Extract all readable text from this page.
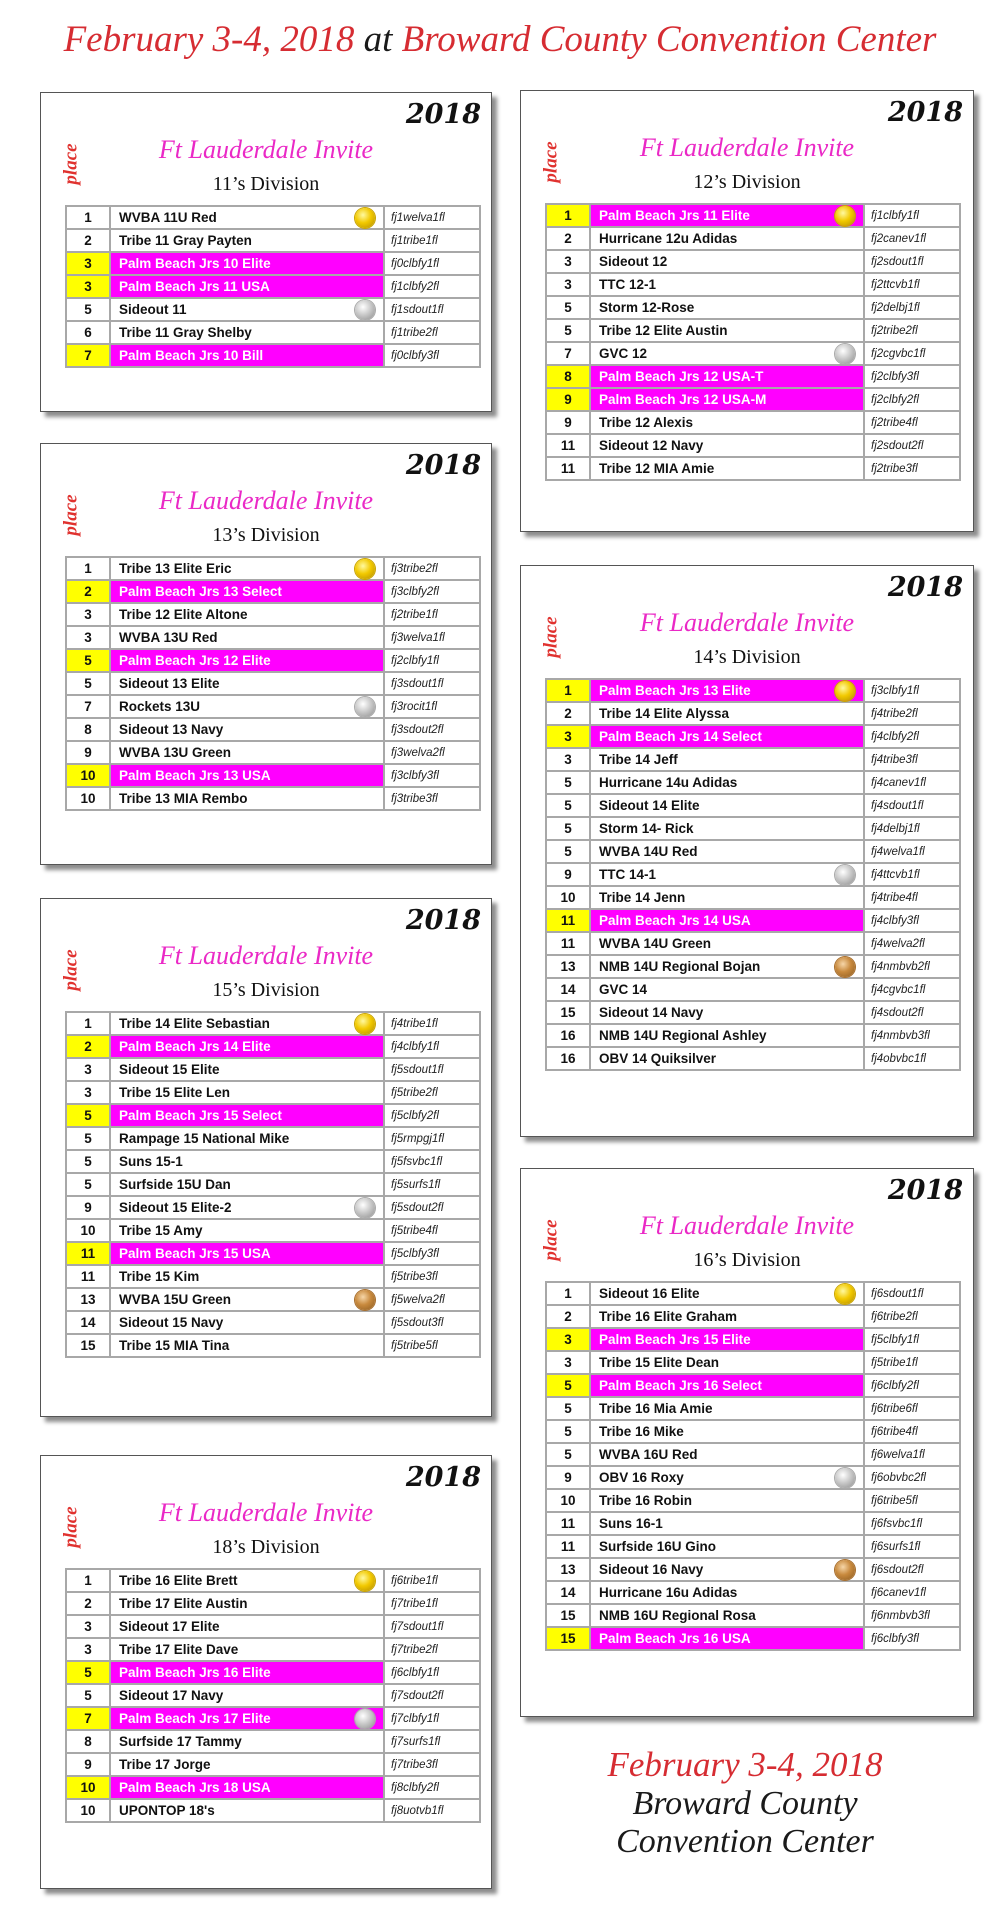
February 3-4, 2018 at Broward County Convention Center
2018
place	Ft Lauderdale Invite
11’s Division
1	WVBA 11U Red	fj1welva1fl
2	Tribe 11 Gray Payten	fj1tribe1fl
3	Palm Beach Jrs 10 Elite	fj0clbfy1fl
3	Palm Beach Jrs 11 USA	fj1clbfy2fl
5	Sideout 11	fj1sdout1fl
6	Tribe 11 Gray Shelby	fj1tribe2fl
7	Palm Beach Jrs 10 Bill	fj0clbfy3fl
2018
place	Ft Lauderdale Invite
12’s Division
1	Palm Beach Jrs 11 Elite	fj1clbfy1fl
2	Hurricane 12u Adidas	fj2canev1fl
3	Sideout 12	fj2sdout1fl
3	TTC 12-1	fj2ttcvb1fl
5	Storm 12-Rose	fj2delbj1fl
5	Tribe 12 Elite Austin	fj2tribe2fl
7	GVC 12	fj2cgvbc1fl
8	Palm Beach Jrs 12 USA-T	fj2clbfy3fl
9	Palm Beach Jrs 12 USA-M	fj2clbfy2fl
9	Tribe 12 Alexis	fj2tribe4fl
11	Sideout 12 Navy	fj2sdout2fl
11	Tribe 12 MIA Amie	fj2tribe3fl
2018
place	Ft Lauderdale Invite
13’s Division
1	Tribe 13 Elite Eric	fj3tribe2fl
2	Palm Beach Jrs 13 Select	fj3clbfy2fl
3	Tribe 12 Elite Altone	fj2tribe1fl
3	WVBA 13U Red	fj3welva1fl
5	Palm Beach Jrs 12 Elite	fj2clbfy1fl
5	Sideout 13 Elite	fj3sdout1fl
7	Rockets 13U	fj3rocit1fl
8	Sideout 13 Navy	fj3sdout2fl
9	WVBA 13U Green	fj3welva2fl
10	Palm Beach Jrs 13 USA	fj3clbfy3fl
10	Tribe 13 MIA Rembo	fj3tribe3fl
2018
place	Ft Lauderdale Invite
14’s Division
1	Palm Beach Jrs 13 Elite	fj3clbfy1fl
2	Tribe 14 Elite Alyssa	fj4tribe2fl
3	Palm Beach Jrs 14 Select	fj4clbfy2fl
3	Tribe 14 Jeff	fj4tribe3fl
5	Hurricane 14u Adidas	fj4canev1fl
5	Sideout 14 Elite	fj4sdout1fl
5	Storm 14- Rick	fj4delbj1fl
5	WVBA 14U Red	fj4welva1fl
9	TTC 14-1	fj4ttcvb1fl
10	Tribe 14 Jenn	fj4tribe4fl
11	Palm Beach Jrs 14 USA	fj4clbfy3fl
11	WVBA 14U Green	fj4welva2fl
13	NMB 14U Regional Bojan	fj4nmbvb2fl
14	GVC 14	fj4cgvbc1fl
15	Sideout 14 Navy	fj4sdout2fl
16	NMB 14U Regional Ashley	fj4nmbvb3fl
16	OBV 14 Quiksilver	fj4obvbc1fl
2018
place	Ft Lauderdale Invite
15’s Division
1	Tribe 14 Elite Sebastian	fj4tribe1fl
2	Palm Beach Jrs 14 Elite	fj4clbfy1fl
3	Sideout 15 Elite	fj5sdout1fl
3	Tribe 15 Elite Len	fj5tribe2fl
5	Palm Beach Jrs 15 Select	fj5clbfy2fl
5	Rampage 15 National Mike	fj5rmpgj1fl
5	Suns 15-1	fj5fsvbc1fl
5	Surfside 15U Dan	fj5surfs1fl
9	Sideout 15 Elite-2	fj5sdout2fl
10	Tribe 15 Amy	fj5tribe4fl
11	Palm Beach Jrs 15 USA	fj5clbfy3fl
11	Tribe 15 Kim	fj5tribe3fl
13	WVBA 15U Green	fj5welva2fl
14	Sideout 15 Navy	fj5sdout3fl
15	Tribe 15 MIA Tina	fj5tribe5fl
2018
place	Ft Lauderdale Invite
16’s Division
1	Sideout 16 Elite	fj6sdout1fl
2	Tribe 16 Elite Graham	fj6tribe2fl
3	Palm Beach Jrs 15 Elite	fj5clbfy1fl
3	Tribe 15 Elite Dean	fj5tribe1fl
5	Palm Beach Jrs 16 Select	fj6clbfy2fl
5	Tribe 16 Mia Amie	fj6tribe6fl
5	Tribe 16 Mike	fj6tribe4fl
5	WVBA 16U Red	fj6welva1fl
9	OBV 16 Roxy	fj6obvbc2fl
10	Tribe 16 Robin	fj6tribe5fl
11	Suns 16-1	fj6fsvbc1fl
11	Surfside 16U Gino	fj6surfs1fl
13	Sideout 16 Navy	fj6sdout2fl
14	Hurricane 16u Adidas	fj6canev1fl
15	NMB 16U Regional Rosa	fj6nmbvb3fl
15	Palm Beach Jrs 16 USA	fj6clbfy3fl
2018
place	Ft Lauderdale Invite
18’s Division
1	Tribe 16 Elite Brett	fj6tribe1fl
2	Tribe 17 Elite Austin	fj7tribe1fl
3	Sideout 17 Elite	fj7sdout1fl
3	Tribe 17 Elite Dave	fj7tribe2fl
5	Palm Beach Jrs 16 Elite	fj6clbfy1fl
5	Sideout 17 Navy	fj7sdout2fl
7	Palm Beach Jrs 17 Elite	fj7clbfy1fl
8	Surfside 17 Tammy	fj7surfs1fl
9	Tribe 17 Jorge	fj7tribe3fl
10	Palm Beach Jrs 18 USA	fj8clbfy2fl
10	UPONTOP 18's	fj8uotvb1fl
February 3-4, 2018
Broward County
Convention Center
